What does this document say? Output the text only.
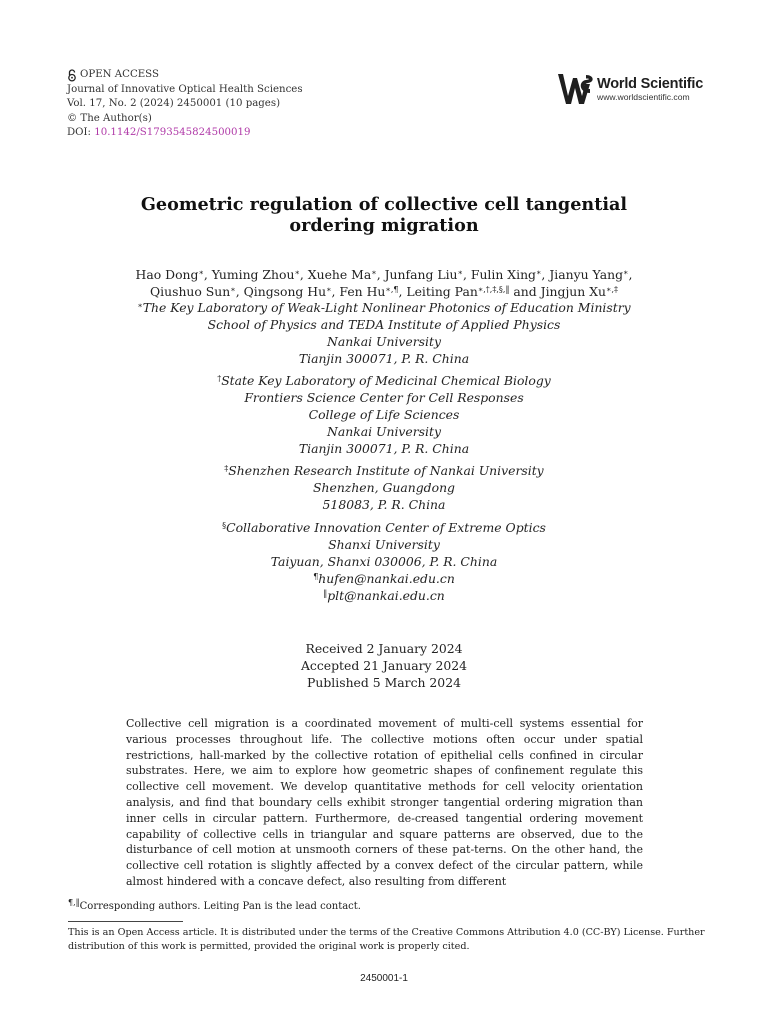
OPEN ACCESS
Journal of Innovative Optical Health Sciences
Vol. 17, No. 2 (2024) 2450001 (10 pages)
© The Author(s)
DOI: 10.1142/S1793545824500019
World Scientific
www.worldscientific.com
Geometric regulation of collective cell tangential
ordering migration
Hao Dong∗, Yuming Zhou∗, Xuehe Ma∗, Junfang Liu∗, Fulin Xing∗, Jianyu Yang∗,
Qiushuo Sun∗, Qingsong Hu∗, Fen Hu∗,¶, Leiting Pan∗,†,‡,§,‖ and Jingjun Xu∗,‡
∗The Key Laboratory of Weak-Light Nonlinear Photonics of Education Ministry
School of Physics and TEDA Institute of Applied Physics
Nankai University
Tianjin 300071, P. R. China
†State Key Laboratory of Medicinal Chemical Biology
Frontiers Science Center for Cell Responses
College of Life Sciences
Nankai University
Tianjin 300071, P. R. China
‡Shenzhen Research Institute of Nankai University
Shenzhen, Guangdong
518083, P. R. China
§Collaborative Innovation Center of Extreme Optics
Shanxi University
Taiyuan, Shanxi 030006, P. R. China
¶hufen@nankai.edu.cn
‖plt@nankai.edu.cn
Received 2 January 2024
Accepted 21 January 2024
Published 5 March 2024
Collective cell migration is a coordinated movement of multi-cell systems essential for various processes throughout life. The collective motions often occur under spatial restrictions, hall-marked by the collective rotation of epithelial cells confined in circular substrates. Here, we aim to explore how geometric shapes of confinement regulate this collective cell movement. We develop quantitative methods for cell velocity orientation analysis, and find that boundary cells exhibit stronger tangential ordering migration than inner cells in circular pattern. Furthermore, de-creased tangential ordering movement capability of collective cells in triangular and square patterns are observed, due to the disturbance of cell motion at unsmooth corners of these pat-terns. On the other hand, the collective cell rotation is slightly affected by a convex defect of the circular pattern, while almost hindered with a concave defect, also resulting from different
¶,‖Corresponding authors. Leiting Pan is the lead contact.
This is an Open Access article. It is distributed under the terms of the Creative Commons Attribution 4.0 (CC-BY) License. Further distribution of this work is permitted, provided the original work is properly cited.
2450001-1
